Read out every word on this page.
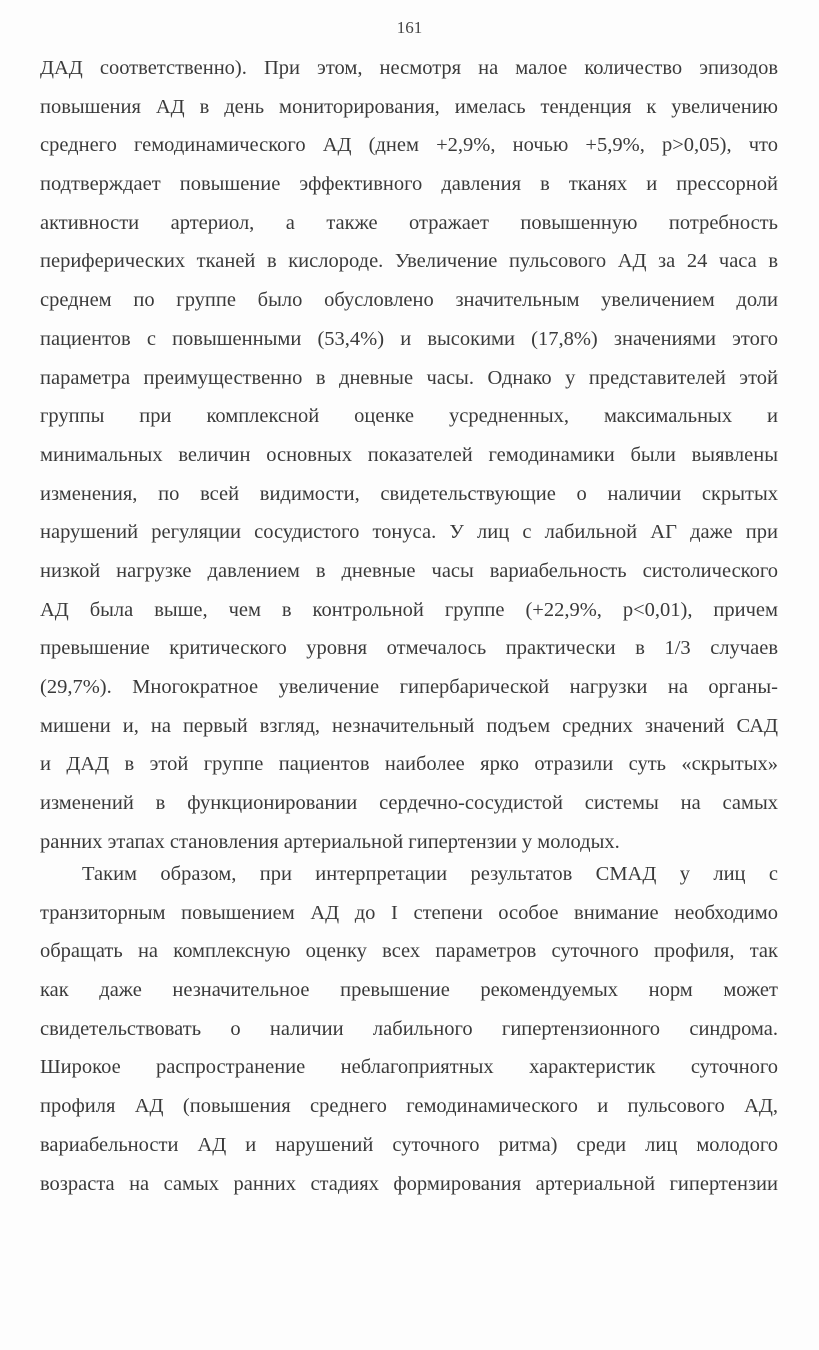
161
ДАД соответственно). При этом, несмотря на малое количество эпизодов
повышения АД в день мониторирования, имелась тенденция к увеличению
среднего гемодинамического АД (днем +2,9%, ночью +5,9%, p>0,05), что
подтверждает повышение эффективного давления в тканях и прессорной
активности артериол, а также отражает повышенную потребность
периферических тканей в кислороде. Увеличение пульсового АД за 24 часа в
среднем по группе было обусловлено значительным увеличением доли
пациентов с повышенными (53,4%) и высокими (17,8%) значениями этого
параметра преимущественно в дневные часы. Однако у представителей этой
группы при комплексной оценке усредненных, максимальных и
минимальных величин основных показателей гемодинамики были выявлены
изменения, по всей видимости, свидетельствующие о наличии скрытых
нарушений регуляции сосудистого тонуса. У лиц с лабильной АГ даже при
низкой нагрузке давлением в дневные часы вариабельность систолического
АД была выше, чем в контрольной группе (+22,9%, p<0,01), причем
превышение критического уровня отмечалось практически в 1/3 случаев
(29,7%). Многократное увеличение гипербарической нагрузки на органы-
мишени и, на первый взгляд, незначительный подъем средних значений САД
и ДАД в этой группе пациентов наиболее ярко отразили суть «скрытых»
изменений в функционировании сердечно-сосудистой системы на самых
ранних этапах становления артериальной гипертензии у молодых.
Таким образом, при интерпретации результатов СМАД у лиц с
транзиторным повышением АД до I степени особое внимание необходимо
обращать на комплексную оценку всех параметров суточного профиля, так
как даже незначительное превышение рекомендуемых норм может
свидетельствовать о наличии лабильного гипертензионного синдрома.
Широкое распространение неблагоприятных характеристик суточного
профиля АД (повышения среднего гемодинамического и пульсового АД,
вариабельности АД и нарушений суточного ритма) среди лиц молодого
возраста на самых ранних стадиях формирования артериальной гипертензии
